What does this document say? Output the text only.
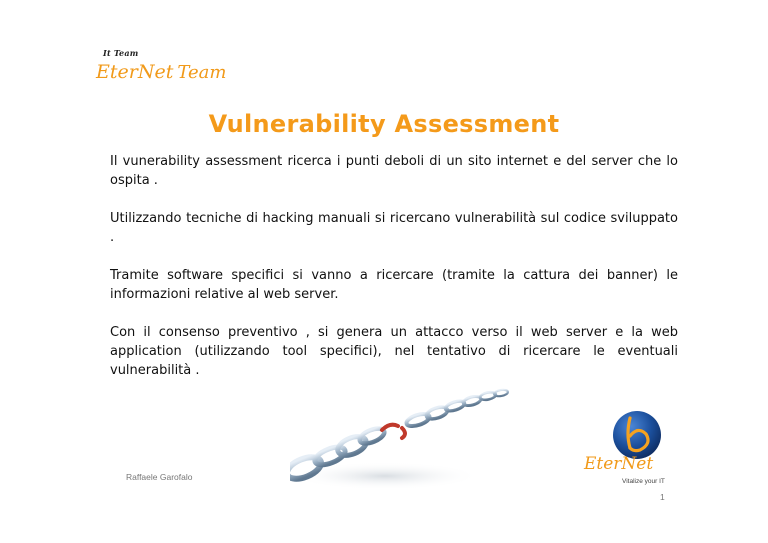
It Team
EterNet Team
Vulnerability Assessment

Il vunerability assessment ricerca i punti deboli di un sito internet e del server che lo ospita .

Utilizzando tecniche di hacking manuali si ricercano vulnerabilità sul codice sviluppato .

Tramite software specifici si vanno a ricercare (tramite la cattura dei banner) le informazioni relative al web server.

Con il consenso preventivo , si genera un attacco verso il web server e la web application (utilizzando tool specifici), nel tentativo di ricercare le eventuali vulnerabilità .

Raffaele Garofalo
EterNet
Vitalize your IT
1
